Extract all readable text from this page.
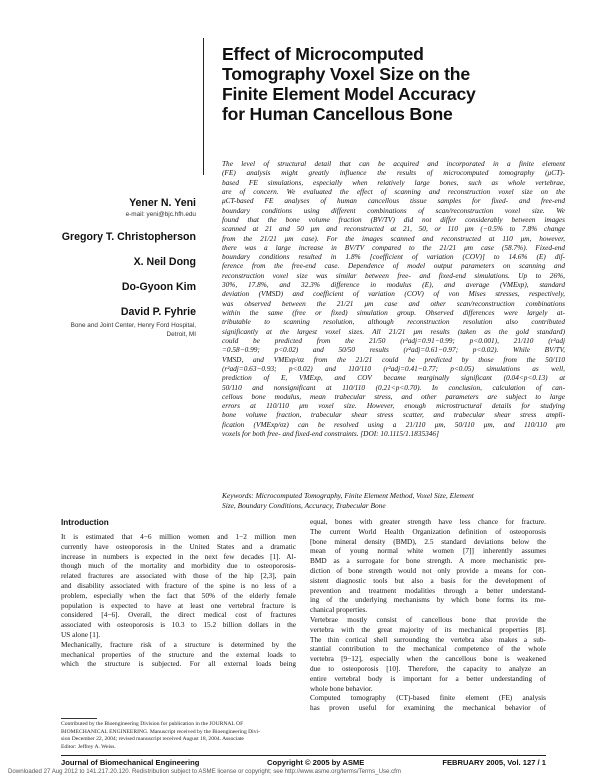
Effect of Microcomputed
Tomography Voxel Size on the
Finite Element Model Accuracy
for Human Cancellous Bone
Yener N. Yeni
e-mail: yeni@bjc.hfh.edu
Gregory T. Christopherson
X. Neil Dong
Do-Gyoon Kim
David P. Fyhrie
Bone and Joint Center, Henry Ford Hospital,
Detroit, MI
The level of structural detail that can be acquired and incorporated in a finite element
(FE) analysis might greatly influence the results of microcomputed tomography (μCT)-
based FE simulations, especially when relatively large bones, such as whole vertebrae,
are of concern. We evaluated the effect of scanning and reconstruction voxel size on the
μCT-based FE analyses of human cancellous tissue samples for fixed- and free-end
boundary conditions using different combinations of scan/reconstruction voxel size. We
found that the bone volume fraction (BV/TV) did not differ considerably between images
scanned at 21 and 50 μm and reconstructed at 21, 50, or 110 μm (−0.5% to 7.8% change
from the 21/21 μm case). For the images scanned and reconstructed at 110 μm, however,
there was a large increase in BV/TV compared to the 21/21 μm case (58.7%). Fixed-end
boundary conditions resulted in 1.8% [coefficient of variation (COV)] to 14.6% (E) dif-
ference from the free-end case. Dependence of model output parameters on scanning and
reconstruction voxel size was similar between free- and fixed-end simulations. Up to 26%,
30%, 17.8%, and 32.3% difference in modulus (E), and average (VMExp), standard
deviation (VMSD) and coefficient of variation (COV) of von Mises stresses, respectively,
was observed between the 21/21 μm case and other scan/reconstruction combinations
within the same (free or fixed) simulation group. Observed differences were largely at-
tributable to scanning resolution, although reconstruction resolution also contributed
significantly at the largest voxel sizes. All 21/21 μm results (taken as the gold standard)
could be predicted from the 21/50 (r²adj=0.91−0.99; p<0.001), 21/110 (r²adj
=0.58−0.99; p<0.02) and 50/50 results (r²adj=0.61−0.97; p<0.02). While BV/TV,
VMSD, and VMExp/σz from the 21/21 could be predicted by those from the 50/110
(r²adj=0.63−0.93; p<0.02) and 110/110 (r²adj=0.41−0.77; p<0.05) simulations as well,
prediction of E, VMExp, and COV became marginally significant (0.04<p<0.13) at
50/110 and nonsignificant at 110/110 (0.21<p<0.70). In conclusion, calculation of can-
cellous bone modulus, mean trabecular stress, and other parameters are subject to large
errors at 110/110 μm voxel size. However, enough microstructural details for studying
bone volume fraction, trabecular shear stress scatter, and trabecular shear stress ampli-
fication (VMExp/σz) can be resolved using a 21/110 μm, 50/110 μm, and 110/110 μm
voxels for both free- and fixed-end constraints. [DOI: 10.1115/1.1835346]
Keywords: Microcomputed Tomography, Finite Element Method, Voxel Size, Element
Size, Boundary Conditions, Accuracy, Trabecular Bone
Introduction
It is estimated that 4−6 million women and 1−2 million men
currently have osteoporosis in the United States and a dramatic
increase in numbers is expected in the next few decades [1]. Al-
though much of the mortality and morbidity due to osteoporosis-
related fractures are associated with those of the hip [2,3], pain
and disability associated with fracture of the spine is no less of a
problem, especially when the fact that 50% of the elderly female
population is expected to have at least one vertebral fracture is
considered [4−6]. Overall, the direct medical cost of fractures
associated with osteoporosis is 10.3 to 15.2 billion dollars in the
US alone [1].
Mechanically, fracture risk of a structure is determined by the
mechanical properties of the structure and the external loads to
which the structure is subjected. For all external loads being
equal, bones with greater strength have less chance for fracture.
The current World Health Organization definition of osteoporosis
[bone mineral density (BMD), 2.5 standard deviations below the
mean of young normal white women [7]] inherently assumes
BMD as a surrogate for bone strength. A more mechanistic pre-
diction of bone strength would not only provide a means for con-
sistent diagnostic tools but also a basis for the development of
prevention and treatment modalities through a better understand-
ing of the underlying mechanisms by which bone forms its me-
chanical properties.
Vertebrae mostly consist of cancellous bone that provide the
vertebra with the great majority of its mechanical properties [8].
The thin cortical shell surrounding the vertebra also makes a sub-
stantial contribution to the mechanical competence of the whole
vertebra [9−12], especially when the cancellous bone is weakened
due to osteoporosis [10]. Therefore, the capacity to analyze an
entire vertebral body is important for a better understanding of
whole bone behavior.
Computed tomography (CT)-based finite element (FE) analysis
has proven useful for examining the mechanical behavior of
Contributed by the Bioengineering Division for publication in the JOURNAL OF
BIOMECHANICAL ENGINEERING. Manuscript received by the Bioengineering Divi-
sion December 22, 2004; revised manuscript received August 18, 2004. Associate
Editor: Jeffrey A. Weiss.
Journal of Biomechanical Engineering	Copyright © 2005 by ASME	FEBRUARY 2005, Vol. 127 / 1
Downloaded 27 Aug 2012 to 141.217.20.120. Redistribution subject to ASME license or copyright; see http://www.asme.org/terms/Terms_Use.cfm
